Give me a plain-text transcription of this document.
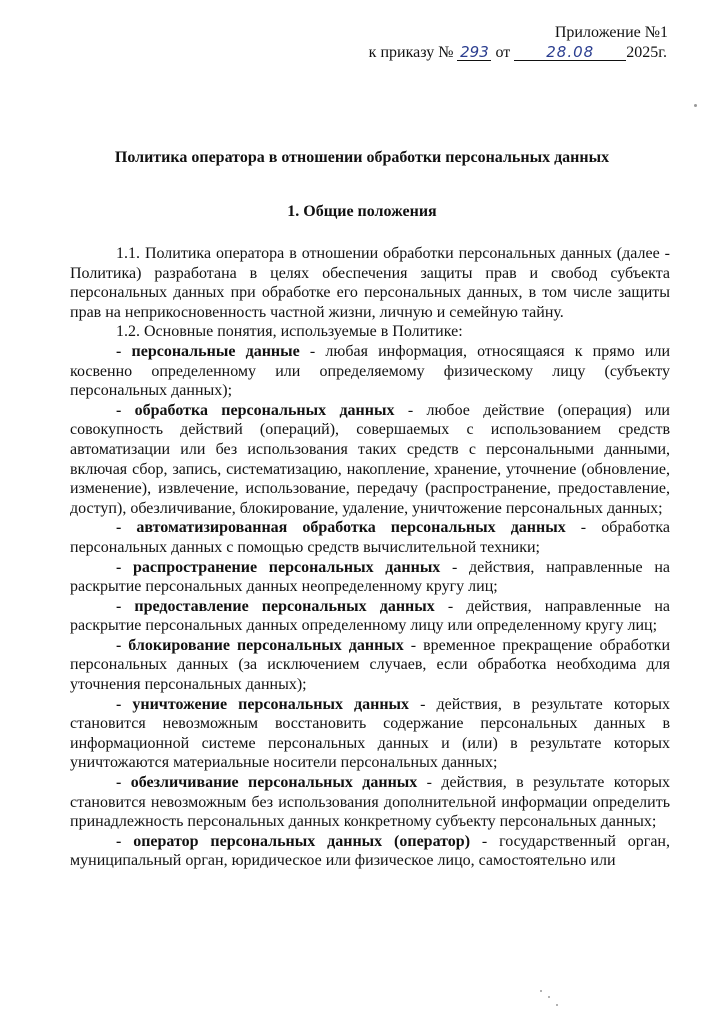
Приложение №1
к приказу № 293 от 28.08 2025г.
Политика оператора в отношении обработки персональных данных
1. Общие положения

1.1. Политика оператора в отношении обработки персональных данных (далее - Политика) разработана в целях обеспечения защиты прав и свобод субъекта персональных данных при обработке его персональных данных, в том числе защиты прав на неприкосновенность частной жизни, личную и семейную тайну.

1.2. Основные понятия, используемые в Политике:

- персональные данные - любая информация, относящаяся к прямо или косвенно определенному или определяемому физическому лицу (субъекту персональных данных);

- обработка персональных данных - любое действие (операция) или совокупность действий (операций), совершаемых с использованием средств автоматизации или без использования таких средств с персональными данными, включая сбор, запись, систематизацию, накопление, хранение, уточнение (обновление, изменение), извлечение, использование, передачу (распространение, предоставление, доступ), обезличивание, блокирование, удаление, уничтожение персональных данных;

- автоматизированная обработка персональных данных - обработка персональных данных с помощью средств вычислительной техники;

- распространение персональных данных - действия, направленные на раскрытие персональных данных неопределенному кругу лиц;

- предоставление персональных данных - действия, направленные на раскрытие персональных данных определенному лицу или определенному кругу лиц;

- блокирование персональных данных - временное прекращение обработки персональных данных (за исключением случаев, если обработка необходима для уточнения персональных данных);

- уничтожение персональных данных - действия, в результате которых становится невозможным восстановить содержание персональных данных в информационной системе персональных данных и (или) в результате которых уничтожаются материальные носители персональных данных;

- обезличивание персональных данных - действия, в результате которых становится невозможным без использования дополнительной информации определить принадлежность персональных данных конкретному субъекту персональных данных;

- оператор персональных данных (оператор) - государственный орган, муниципальный орган, юридическое или физическое лицо, самостоятельно или
